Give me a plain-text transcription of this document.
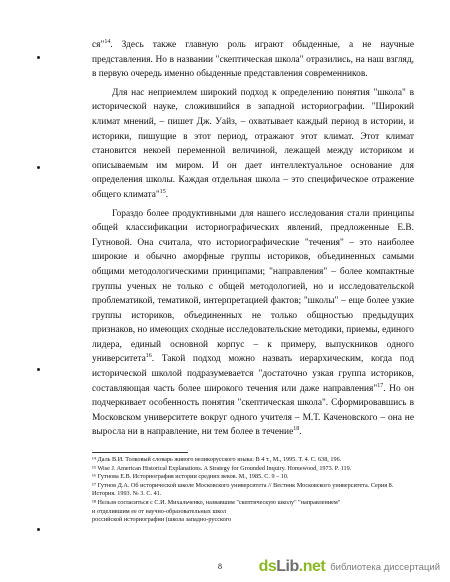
ся"$^{14}$. Здесь также главную роль играют обыденные, а не научные представления. Но в названии "скептическая школа" отразились, на наш взгляд, в первую очередь именно обыденные представления современников.

Для нас неприемлем широкий подход к определению понятия "школа" в исторической науке, сложившийся в западной историографии. "Широкий климат мнений, – пишет Дж. Уайз, – охватывает каждый период в истории, и историки, пишущие в этот период, отражают этот климат. Этот климат становится некоей переменной величиной, лежащей между историком и описываемым им миром. И он дает интеллектуальное основание для определения школы. Каждая отдельная школа – это специфическое отражение общего климата"$^{15}$.

Гораздо более продуктивными для нашего исследования стали принципы общей классификации историографических явлений, предложенные Е.В. Гутновой. Она считала, что историографические "течения" – это наиболее широкие и обычно аморфные группы историков, объединенных самыми общими методологическими принципами; "направления" – более компактные группы ученых не только с общей методологией, но и исследовательской проблематикой, тематикой, интерпретацией фактов; "школы" – еще более узкие группы историков, объединенных не только общностью предыдущих признаков, но имеющих сходные исследовательские методики, приемы, единого лидера, единый основной корпус – к примеру, выпускников одного университета$^{16}$. Такой подход можно назвать иерархическим, когда под исторической школой подразумевается "достаточно узкая группа историков, составляющая часть более широкого течения или даже направления"$^{17}$. Но он подчеркивает особенность понятия "скептическая школа". Сформировавшись в Московском университете вокруг одного учителя – М.Т. Каченовского – она не выросла ни в направление, ни тем более в течение$^{18}$.

¹⁴ Даль В.И. Толковый словарь живого великорусского языка: В 4 т., М., 1995. Т. 4. С. 638, 196.
¹⁵ Wise J. American Historical Explanations. A Strategy for Grounded Inquiry. Homewood, 1973. P. 119.
¹⁶ Гутнова Е.В. Историография истории средних веков. М., 1985. С. 9 – 10.
¹⁷ Гутнов Д.А. Об исторической школе Московского университета // Вестник Московского университета. Серия 8. История. 1993. № 3. С. 41.
¹⁸ Нельзя согласиться с С.И. Михальченко, назвавшим "скептическую школу" "направлением"
и отделившим ее от научно-образовательных школ
российской историографии (школа западно-русского
8 dsLib.net библиотека диссертаций
